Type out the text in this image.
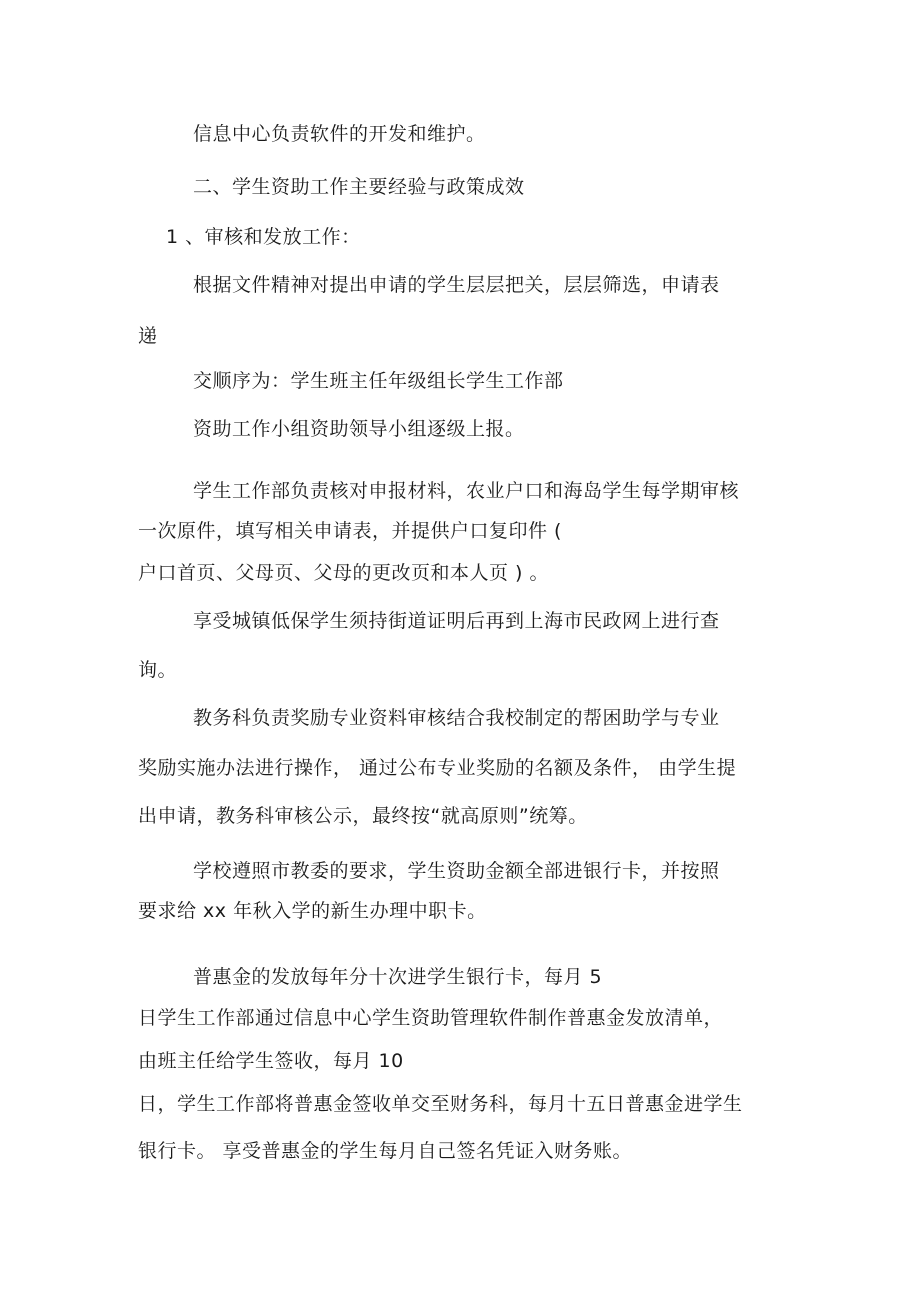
信息中心负责软件的开发和维护。
二、学生资助工作主要经验与政策成效
1 、审核和发放工作：
根据文件精神对提出申请的学生层层把关，层层筛选，申请表
递
交顺序为：学生班主任年级组长学生工作部
资助工作小组资助领导小组逐级上报。
学生工作部负责核对申报材料，农业户口和海岛学生每学期审核
一次原件，填写相关申请表，并提供户口复印件 (
户口首页、父母页、父母的更改页和本人页 ) 。
享受城镇低保学生须持街道证明后再到上海市民政网上进行查
询。
教务科负责奖励专业资料审核结合我校制定的帮困助学与专业
奖励实施办法进行操作， 通过公布专业奖励的名额及条件， 由学生提
出申请，教务科审核公示，最终按“就高原则”统筹。
学校遵照市教委的要求，学生资助金额全部进银行卡，并按照
要求给 xx 年秋入学的新生办理中职卡。
普惠金的发放每年分十次进学生银行卡，每月 5
日学生工作部通过信息中心学生资助管理软件制作普惠金发放清单，
由班主任给学生签收，每月 10
日，学生工作部将普惠金签收单交至财务科，每月十五日普惠金进学生
银行卡。 享受普惠金的学生每月自己签名凭证入财务账。
